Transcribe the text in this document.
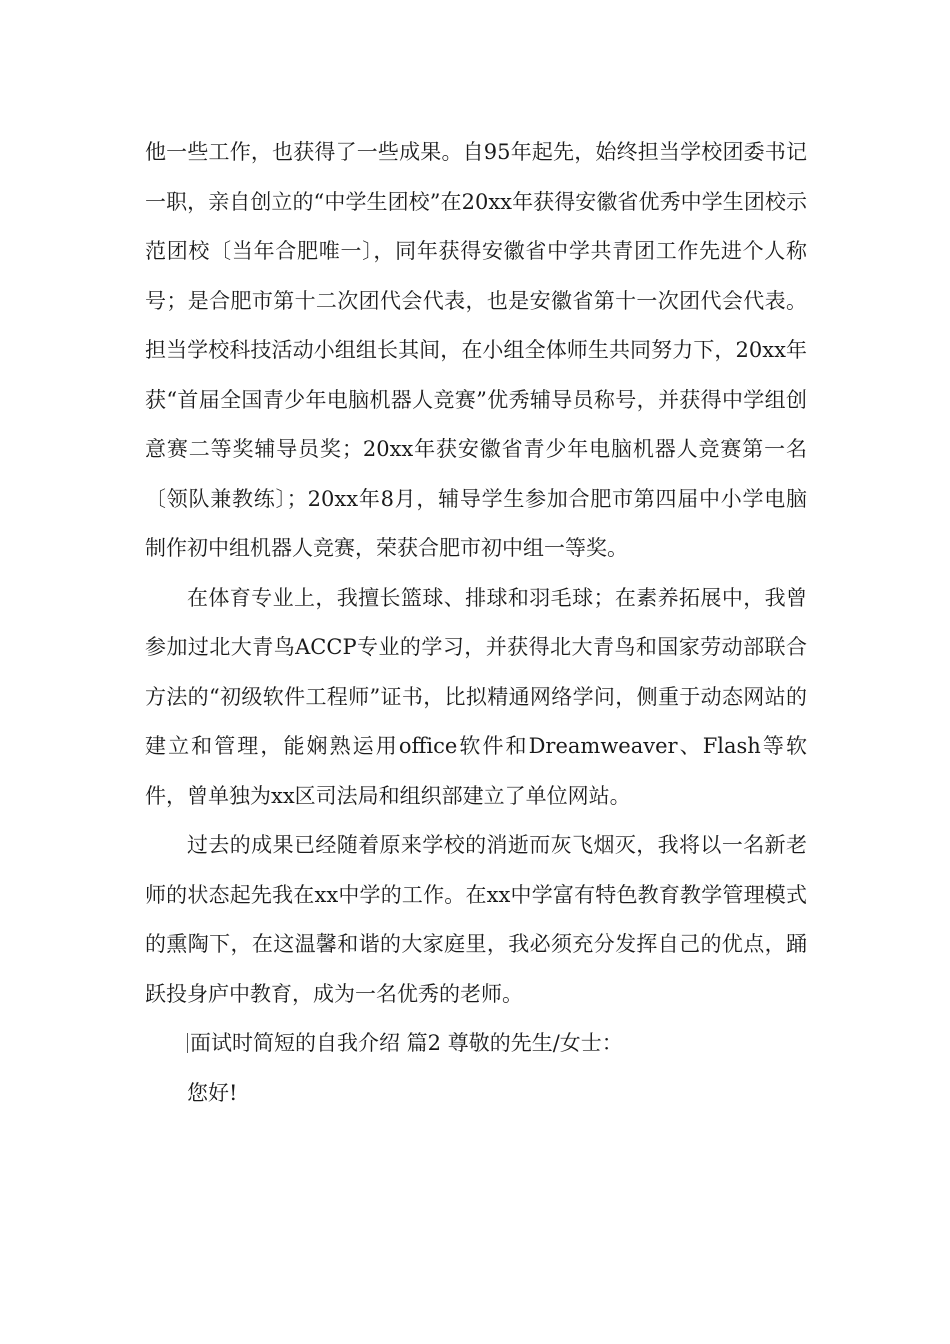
他一些工作，也获得了一些成果。自95年起先，始终担当学校团委书记一职，亲自创立的“中学生团校”在20xx年获得安徽省优秀中学生团校示范团校〔当年合肥唯一〕，同年获得安徽省中学共青团工作先进个人称号；是合肥市第十二次团代会代表，也是安徽省第十一次团代会代表。担当学校科技活动小组组长其间，在小组全体师生共同努力下，20xx年获“首届全国青少年电脑机器人竞赛”优秀辅导员称号，并获得中学组创意赛二等奖辅导员奖；20xx年获安徽省青少年电脑机器人竞赛第一名〔领队兼教练〕；20xx年8月，辅导学生参加合肥市第四届中小学电脑制作初中组机器人竞赛，荣获合肥市初中组一等奖。

在体育专业上，我擅长篮球、排球和羽毛球；在素养拓展中，我曾参加过北大青鸟ACCP专业的学习，并获得北大青鸟和国家劳动部联合方法的“初级软件工程师”证书，比拟精通网络学问，侧重于动态网站的建立和管理，能娴熟运用office软件和Dreamweaver、Flash等软件，曾单独为xx区司法局和组织部建立了单位网站。

过去的成果已经随着原来学校的消逝而灰飞烟灭，我将以一名新老师的状态起先我在xx中学的工作。在xx中学富有特色教育教学管理模式的熏陶下，在这温馨和谐的大家庭里，我必须充分发挥自己的优点，踊跃投身庐中教育，成为一名优秀的老师。

面试时简短的自我介绍 篇2 尊敬的先生/女士：

您好!
